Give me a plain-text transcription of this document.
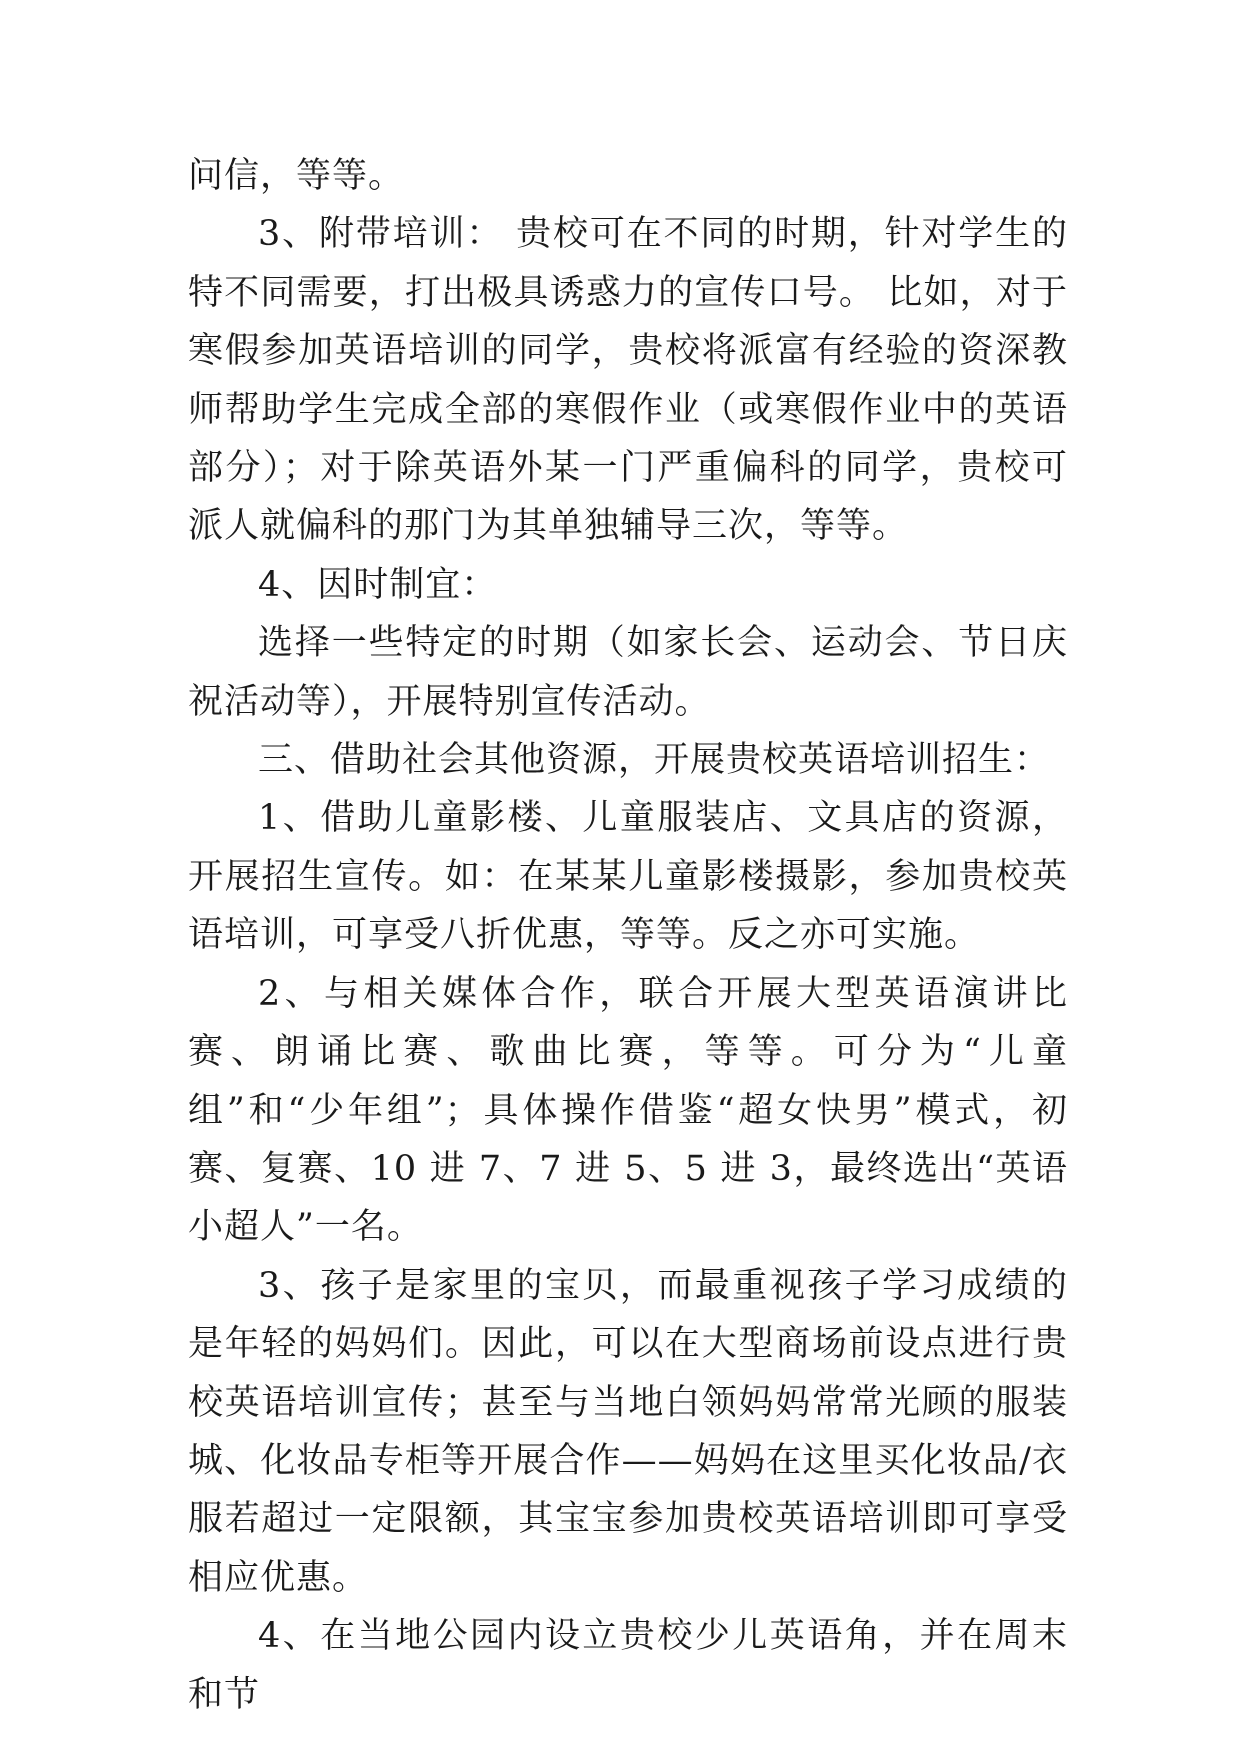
问信，等等。

3、附带培训： 贵校可在不同的时期，针对学生的特不同需要，打出极具诱惑力的宣传口号。 比如，对于寒假参加英语培训的同学，贵校将派富有经验的资深教师帮助学生完成全部的寒假作业（或寒假作业中的英语部分）；对于除英语外某一门严重偏科的同学，贵校可派人就偏科的那门为其单独辅导三次，等等。

4、因时制宜：

选择一些特定的时期（如家长会、运动会、节日庆祝活动等），开展特别宣传活动。

三、借助社会其他资源，开展贵校英语培训招生：

1、借助儿童影楼、儿童服装店、文具店的资源，开展招生宣传。如：在某某儿童影楼摄影，参加贵校英语培训，可享受八折优惠，等等。反之亦可实施。

2、与相关媒体合作，联合开展大型英语演讲比赛、朗诵比赛、歌曲比赛，等等。可分为“儿童组”和“少年组”；具体操作借鉴“超女快男”模式，初赛、复赛、10 进 7、7 进 5、5 进 3，最终选出“英语小超人”一名。

3、孩子是家里的宝贝，而最重视孩子学习成绩的是年轻的妈妈们。因此，可以在大型商场前设点进行贵校英语培训宣传；甚至与当地白领妈妈常常光顾的服装城、化妆品专柜等开展合作——妈妈在这里买化妆品/衣服若超过一定限额，其宝宝参加贵校英语培训即可享受相应优惠。

4、在当地公园内设立贵校少儿英语角，并在周末和节
